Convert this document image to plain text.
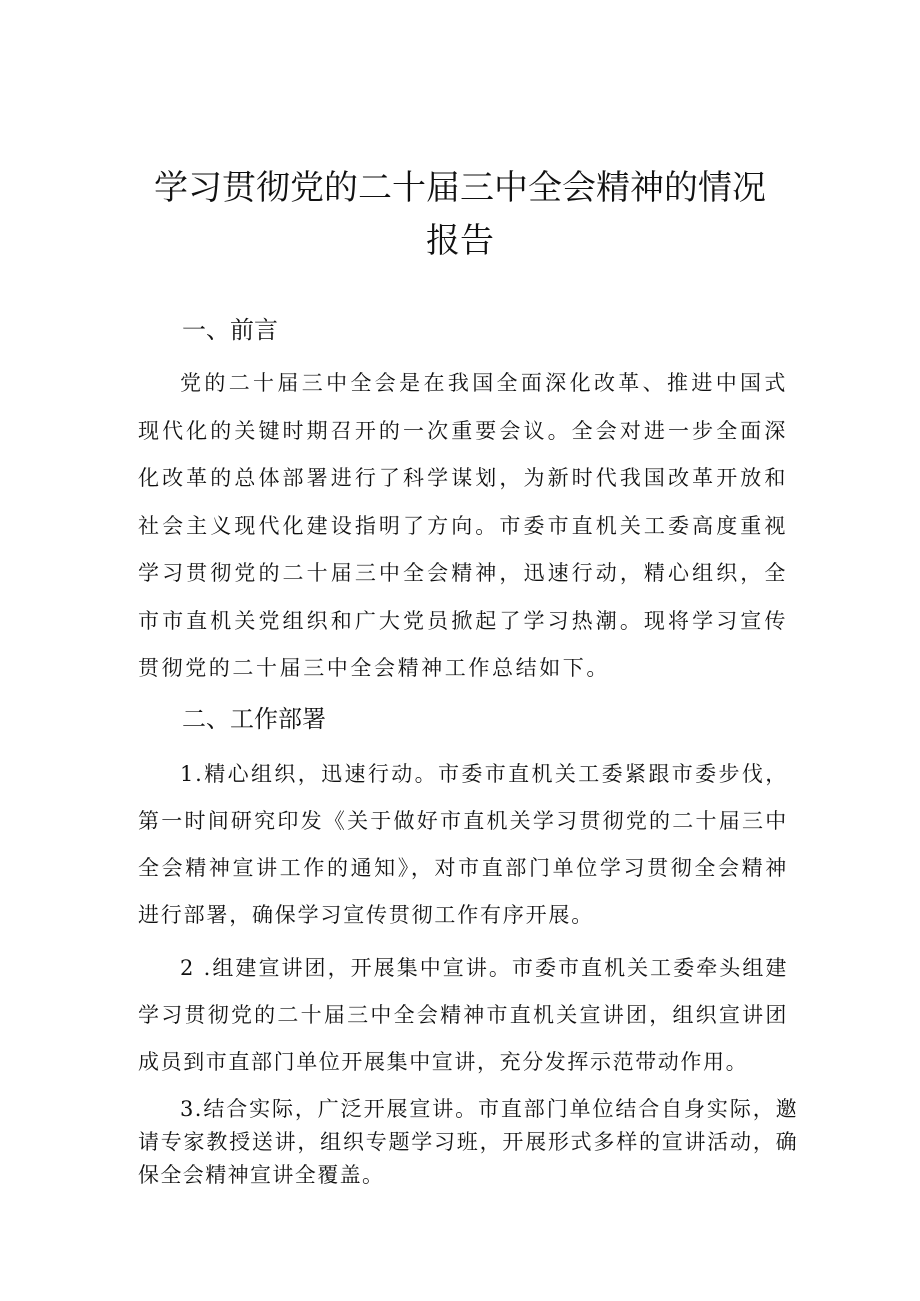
学习贯彻党的二十届三中全会精神的情况
报告
一、前言

党的二十届三中全会是在我国全面深化改革、推进中国式现代化的关键时期召开的一次重要会议。全会对进一步全面深化改革的总体部署进行了科学谋划，为新时代我国改革开放和社会主义现代化建设指明了方向。市委市直机关工委高度重视学习贯彻党的二十届三中全会精神，迅速行动，精心组织，全市市直机关党组织和广大党员掀起了学习热潮。现将学习宣传贯彻党的二十届三中全会精神工作总结如下。

二、工作部署

1.精心组织，迅速行动。市委市直机关工委紧跟市委步伐，第一时间研究印发《关于做好市直机关学习贯彻党的二十届三中全会精神宣讲工作的通知》，对市直部门单位学习贯彻全会精神进行部署，确保学习宣传贯彻工作有序开展。

2 .组建宣讲团，开展集中宣讲。市委市直机关工委牵头组建学习贯彻党的二十届三中全会精神市直机关宣讲团，组织宣讲团成员到市直部门单位开展集中宣讲，充分发挥示范带动作用。

3.结合实际，广泛开展宣讲。市直部门单位结合自身实际，邀请专家教授送讲，组织专题学习班，开展形式多样的宣讲活动，确保全会精神宣讲全覆盖。
